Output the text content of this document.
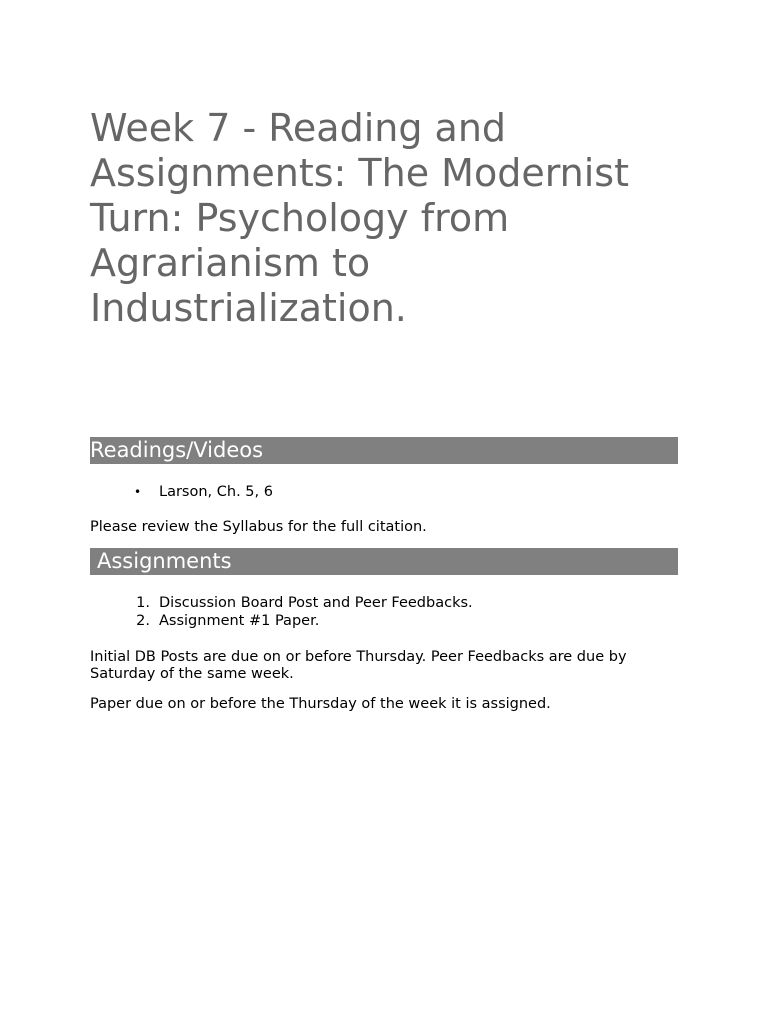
Week 7 - Reading and Assignments: The Modernist Turn: Psychology from Agrarianism to Industrialization.
Readings/Videos
• Larson, Ch. 5, 6

Please review the Syllabus for the full citation.

Assignments
1. Discussion Board Post and Peer Feedbacks.
2. Assignment #1 Paper.

Initial DB Posts are due on or before Thursday. Peer Feedbacks are due by Saturday of the same week.

Paper due on or before the Thursday of the week it is assigned.
